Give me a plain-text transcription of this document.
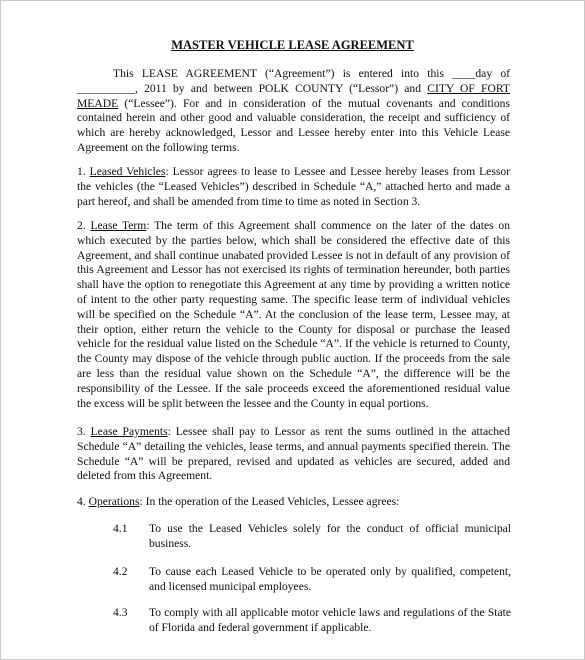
MASTER VEHICLE LEASE AGREEMENT
This LEASE AGREEMENT (“Agreement”) is entered into this ____day of __________, 2011 by and between POLK COUNTY (“Lessor”) and CITY OF FORT MEADE (“Lessee”). For and in consideration of the mutual covenants and conditions contained herein and other good and valuable consideration, the receipt and sufficiency of which are hereby acknowledged, Lessor and Lessee hereby enter into this Vehicle Lease Agreement on the following terms.
1. Leased Vehicles: Lessor agrees to lease to Lessee and Lessee hereby leases from Lessor the vehicles (the “Leased Vehicles”) described in Schedule “A,” attached herto and made a part hereof, and shall be amended from time to time as noted in Section 3.
2. Lease Term: The term of this Agreement shall commence on the later of the dates on which executed by the parties below, which shall be considered the effective date of this Agreement, and shall continue unabated provided Lessee is not in default of any provision of this Agreement and Lessor has not exercised its rights of termination hereunder, both parties shall have the option to renegotiate this Agreement at any time by providing a written notice of intent to the other party requesting same. The specific lease term of individual vehicles will be specified on the Schedule “A”. At the conclusion of the lease term, Lessee may, at their option, either return the vehicle to the County for disposal or purchase the leased vehicle for the residual value listed on the Schedule “A”. If the vehicle is returned to County, the County may dispose of the vehicle through public auction. If the proceeds from the sale are less than the residual value shown on the Schedule “A”, the difference will be the responsibility of the Lessee. If the sale proceeds exceed the aforementioned residual value the excess will be split between the lessee and the County in equal portions.
3. Lease Payments: Lessee shall pay to Lessor as rent the sums outlined in the attached Schedule “A” detailing the vehicles, lease terms, and annual payments specified therein. The Schedule “A” will be prepared, revised and updated as vehicles are secured, added and deleted from this Agreement.
4. Operations: In the operation of the Leased Vehicles, Lessee agrees:
4.1	To use the Leased Vehicles solely for the conduct of official municipal business.
4.2	To cause each Leased Vehicle to be operated only by qualified, competent, and licensed municipal employees.
4.3	To comply with all applicable motor vehicle laws and regulations of the State of Florida and federal government if applicable.
